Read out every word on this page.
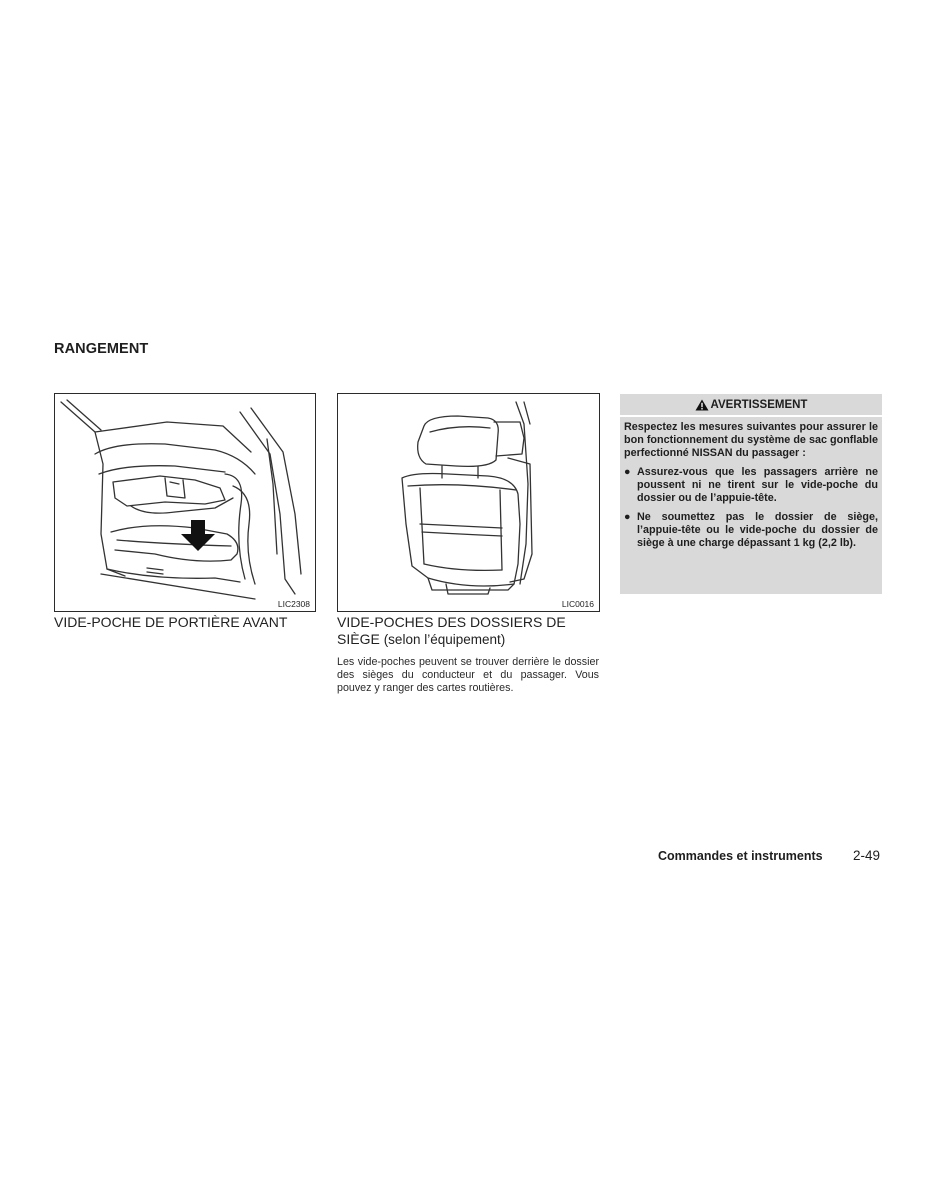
RANGEMENT
LIC2308
VIDE-POCHE DE PORTIÈRE AVANT
LIC0016
VIDE-POCHES DES DOSSIERS DE SIÈGE (selon l’équipement)
Les vide-poches peuvent se trouver derrière le dossier des sièges du conducteur et du passager. Vous pouvez y ranger des cartes routières.
AVERTISSEMENT
Respectez les mesures suivantes pour assurer le bon fonctionnement du système de sac gonflable perfectionné NISSAN du passager :
● Assurez-vous que les passagers arrière ne poussent ni ne tirent sur le vide-poche du dossier ou de l’appuie-tête.
● Ne soumettez pas le dossier de siège, l’appuie-tête ou le vide-poche du dossier de siège à une charge dépassant 1 kg (2,2 lb).
Commandes et instruments 2-49
